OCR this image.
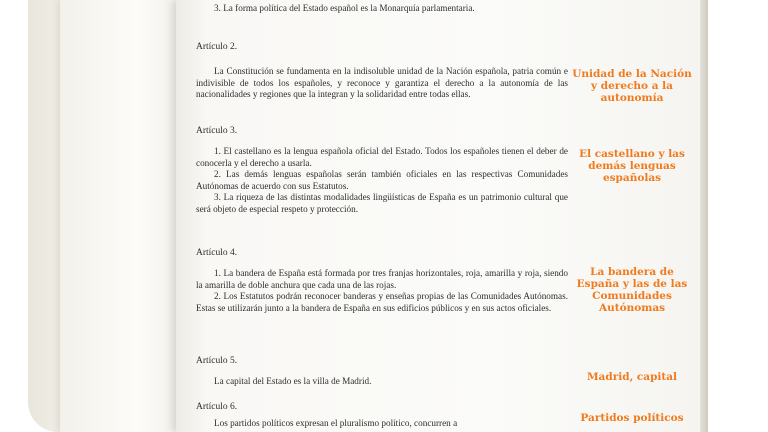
3. La forma política del Estado español es la Monarquía parlamentaria.

Artículo 2.

La Constitución se fundamenta en la indisoluble unidad de la Nación española, patria común e indivisible de todos los españoles, y reconoce y garantiza el derecho a la autonomía de las nacionalidades y regiones que la integran y la solidaridad entre todas ellas.

Artículo 3.

1. El castellano es la lengua española oficial del Estado. Todos los españoles tienen el deber de conocerla y el derecho a usarla.

2. Las demás lenguas españolas serán también oficiales en las respectivas Comunidades Autónomas de acuerdo con sus Estatutos.

3. La riqueza de las distintas modalidades lingüísticas de España es un patrimonio cultural que será objeto de especial respeto y protección.

Artículo 4.

1. La bandera de España está formada por tres franjas horizontales, roja, amarilla y roja, siendo la amarilla de doble anchura que cada una de las rojas.

2. Los Estatutos podrán reconocer banderas y enseñas propias de las Comunidades Autónomas. Estas se utilizarán junto a la bandera de España en sus edificios públicos y en sus actos oficiales.

Artículo 5.

La capital del Estado es la villa de Madrid.

Artículo 6.

Los partidos políticos expresan el pluralismo político, concurren a

Unidad de la Nación y derecho a la autonomía
El castellano y las demás lenguas españolas
La bandera de España y las de las Comunidades Autónomas
Madrid, capital
Partidos políticos
